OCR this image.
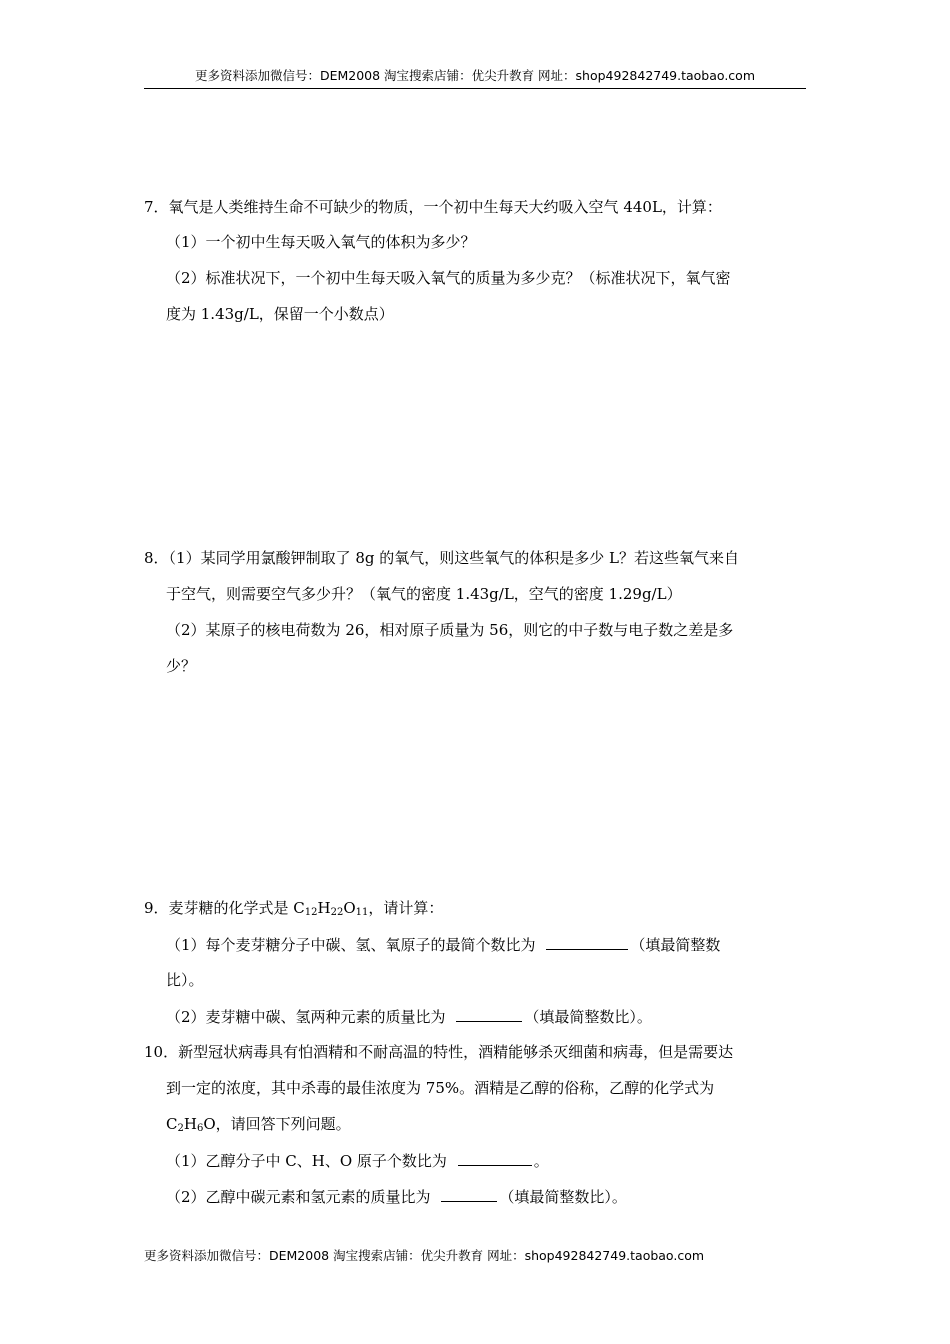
更多资料添加微信号：DEM2008 淘宝搜索店铺：优尖升教育 网址：shop492842749.taobao.com
7．氧气是人类维持生命不可缺少的物质，一个初中生每天大约吸入空气 440L，计算：
（1）一个初中生每天吸入氧气的体积为多少？
（2）标准状况下，一个初中生每天吸入氧气的质量为多少克？（标准状况下，氧气密
度为 1.43g/L，保留一个小数点）
8．（1）某同学用氯酸钾制取了 8g 的氧气，则这些氧气的体积是多少 L？若这些氧气来自
于空气，则需要空气多少升？（氧气的密度 1.43g/L，空气的密度 1.29g/L）
（2）某原子的核电荷数为 26，相对原子质量为 56，则它的中子数与电子数之差是多
少？
9．麦芽糖的化学式是 $C_{12}H_{22}O_{11}$，请计算：
（1）每个麦芽糖分子中碳、氢、氧原子的最简个数比为	（填最简整数
比）。
（2）麦芽糖中碳、氢两种元素的质量比为	（填最简整数比）。
10．新型冠状病毒具有怕酒精和不耐高温的特性，酒精能够杀灭细菌和病毒，但是需要达
到一定的浓度，其中杀毒的最佳浓度为 75%。酒精是乙醇的俗称，乙醇的化学式为
$C_2H_6O$，请回答下列问题。
（1）乙醇分子中 C、H、O 原子个数比为	。
（2）乙醇中碳元素和氢元素的质量比为	（填最简整数比）。
更多资料添加微信号：DEM2008 淘宝搜索店铺：优尖升教育 网址：shop492842749.taobao.com
